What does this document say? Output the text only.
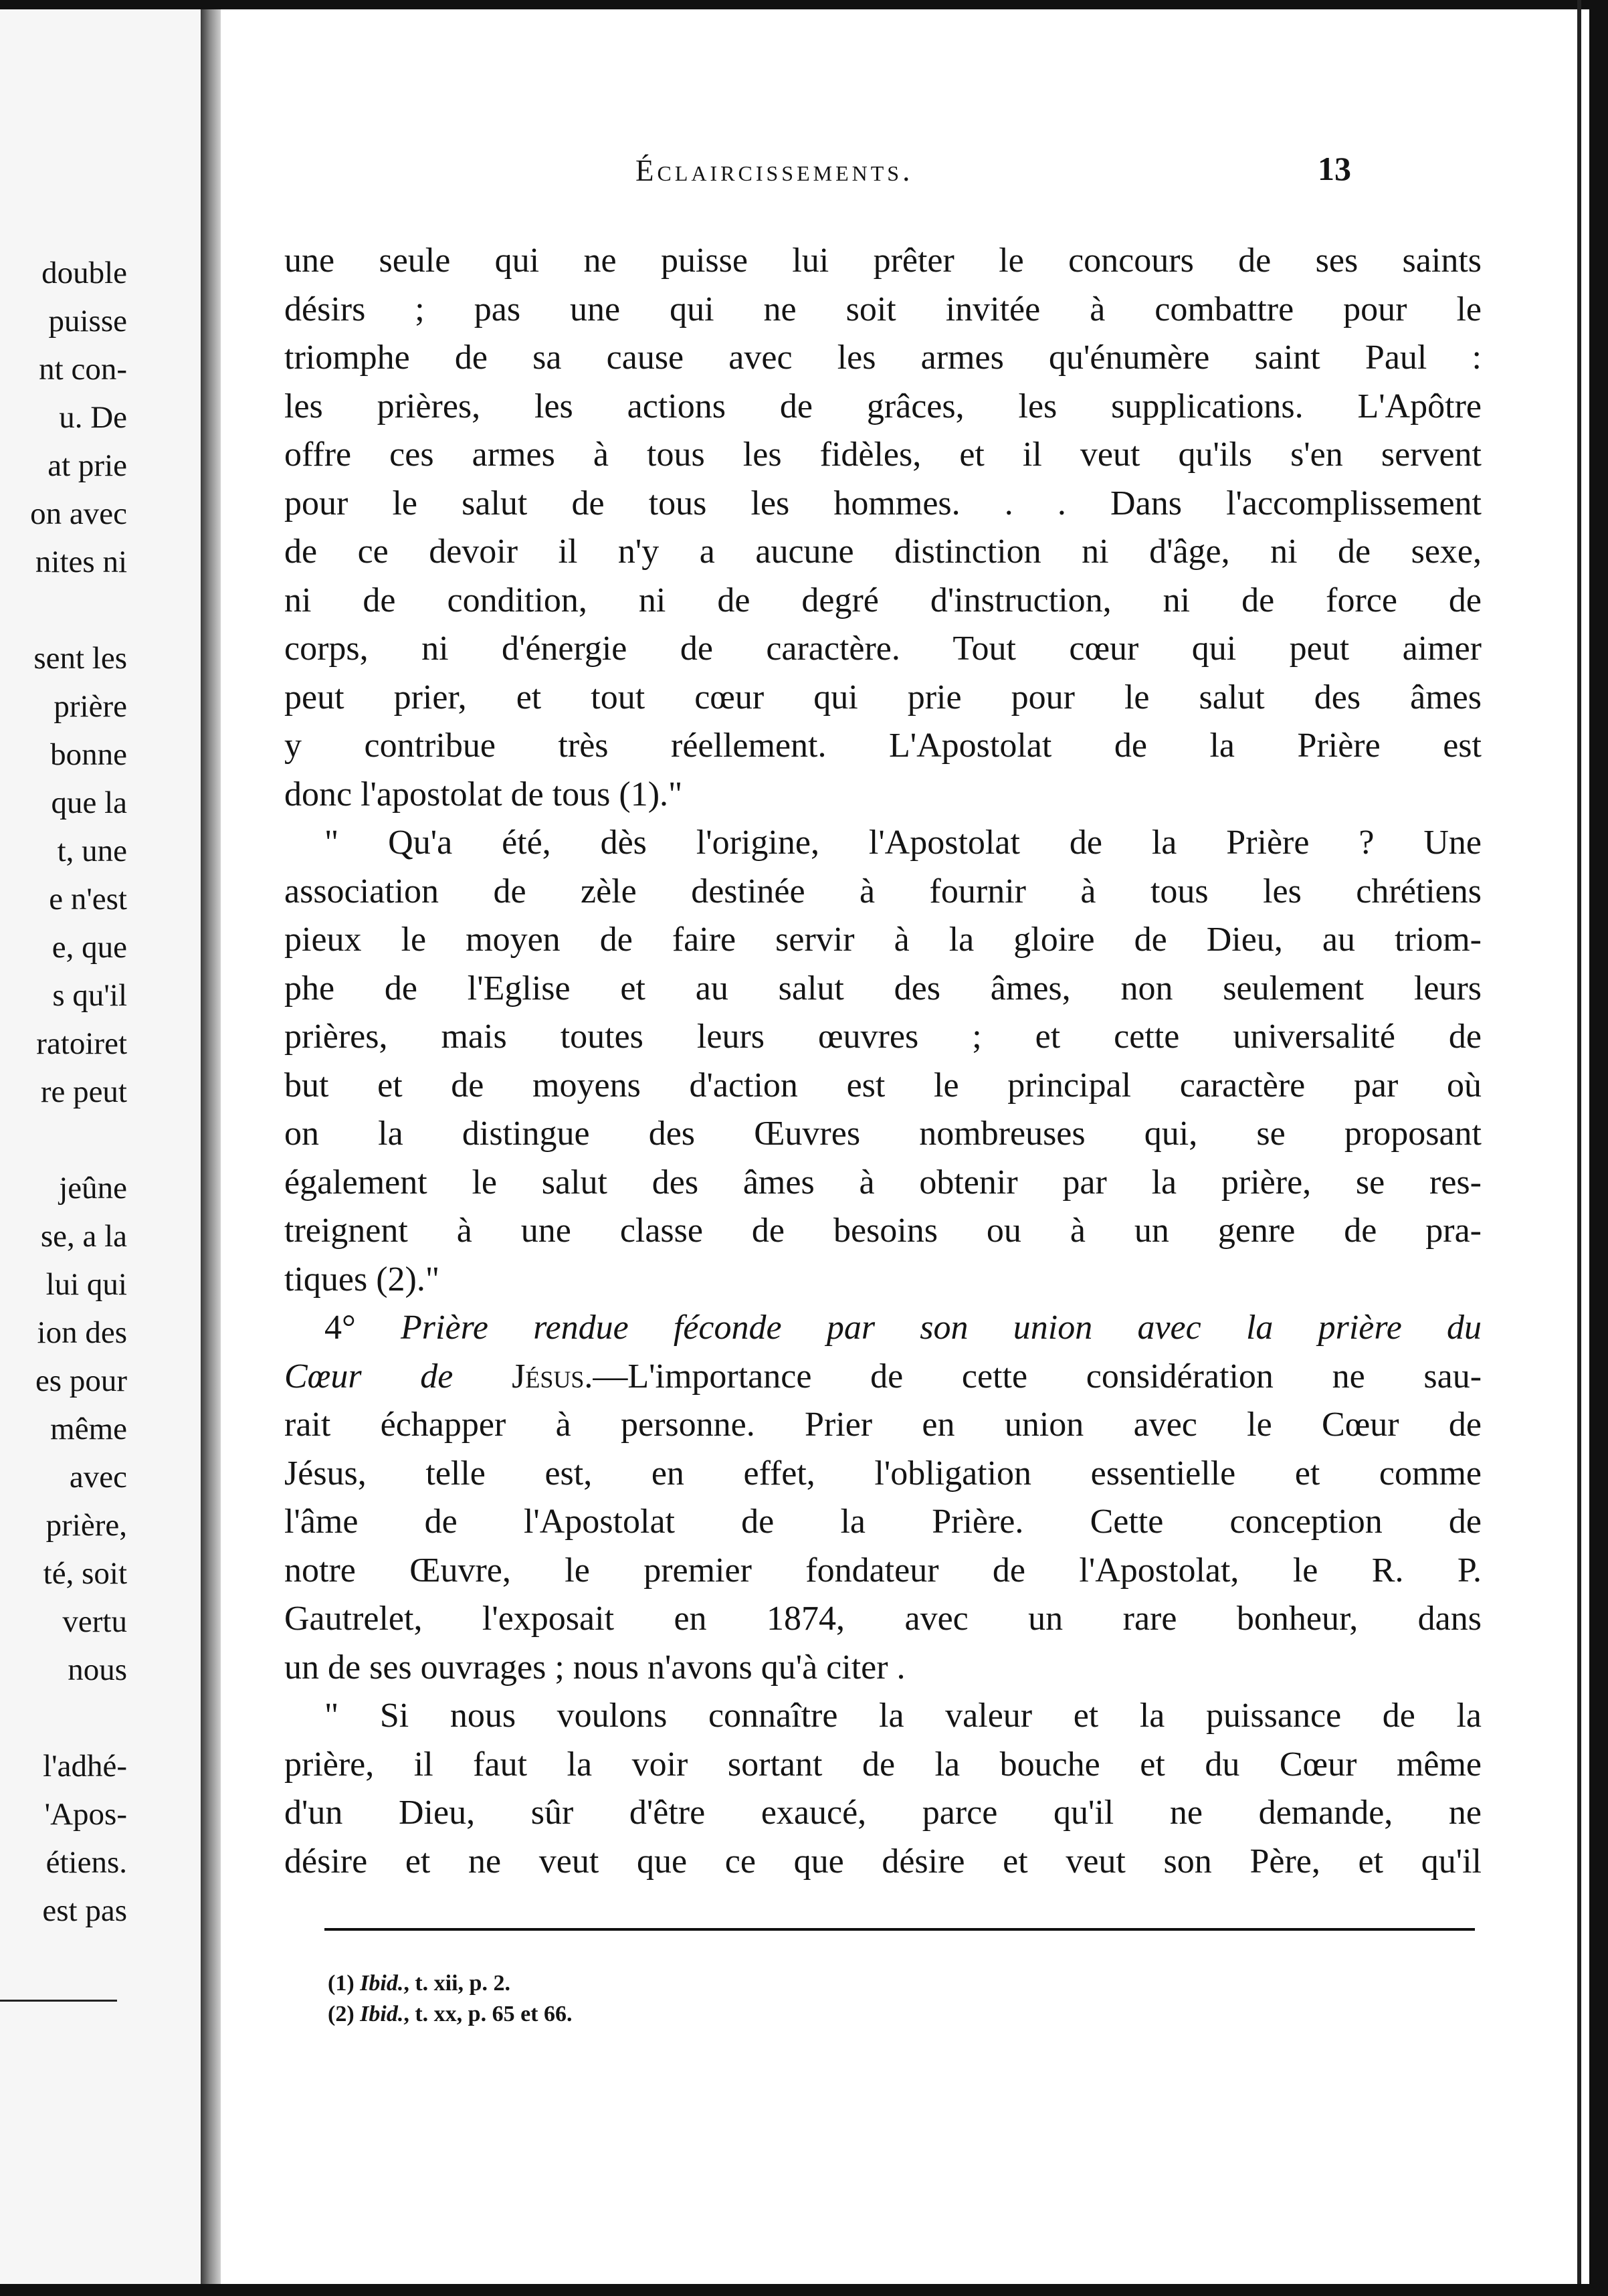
double
puisse
nt con-
u. De
at prie
on avec
nites ni
sent les
prière
bonne
que la
t, une
e n'est
e, que
s qu'il
ratoiret
re peut
jeûne
se, a la
lui qui
ion des
es pour
même
avec
prière,
té, soit
vertu
nous
l'adhé-
'Apos-
étiens.
est pas
Éclaircissements.	13
une seule qui ne puisse lui prêter le concours de ses saints
désirs ; pas une qui ne soit invitée à combattre pour le
triomphe de sa cause avec les armes qu'énumère saint Paul :
les prières, les actions de grâces, les supplications. L'Apôtre
offre ces armes à tous les fidèles, et il veut qu'ils s'en servent
pour le salut de tous les hommes. . . Dans l'accomplissement
de ce devoir il n'y a aucune distinction ni d'âge, ni de sexe,
ni de condition, ni de degré d'instruction, ni de force de
corps, ni d'énergie de caractère. Tout cœur qui peut aimer
peut prier, et tout cœur qui prie pour le salut des âmes
y contribue très réellement. L'Apostolat de la Prière est
donc l'apostolat de tous (1)."
" Qu'a été, dès l'origine, l'Apostolat de la Prière ? Une
association de zèle destinée à fournir à tous les chrétiens
pieux le moyen de faire servir à la gloire de Dieu, au triom-
phe de l'Eglise et au salut des âmes, non seulement leurs
prières, mais toutes leurs œuvres ; et cette universalité de
but et de moyens d'action est le principal caractère par où
on la distingue des Œuvres nombreuses qui, se proposant
également le salut des âmes à obtenir par la prière, se res-
treignent à une classe de besoins ou à un genre de pra-
tiques (2)."
4° Prière rendue féconde par son union avec la prière du
Cœur de Jésus.—L'importance de cette considération ne sau-
rait échapper à personne. Prier en union avec le Cœur de
Jésus, telle est, en effet, l'obligation essentielle et comme
l'âme de l'Apostolat de la Prière. Cette conception de
notre Œuvre, le premier fondateur de l'Apostolat, le R. P.
Gautrelet, l'exposait en 1874, avec un rare bonheur, dans
un de ses ouvrages ; nous n'avons qu'à citer .
" Si nous voulons connaître la valeur et la puissance de la
prière, il faut la voir sortant de la bouche et du Cœur même
d'un Dieu, sûr d'être exaucé, parce qu'il ne demande, ne
désire et ne veut que ce que désire et veut son Père, et qu'il
(1) Ibid., t. xii, p. 2.
(2) Ibid., t. xx, p. 65 et 66.
